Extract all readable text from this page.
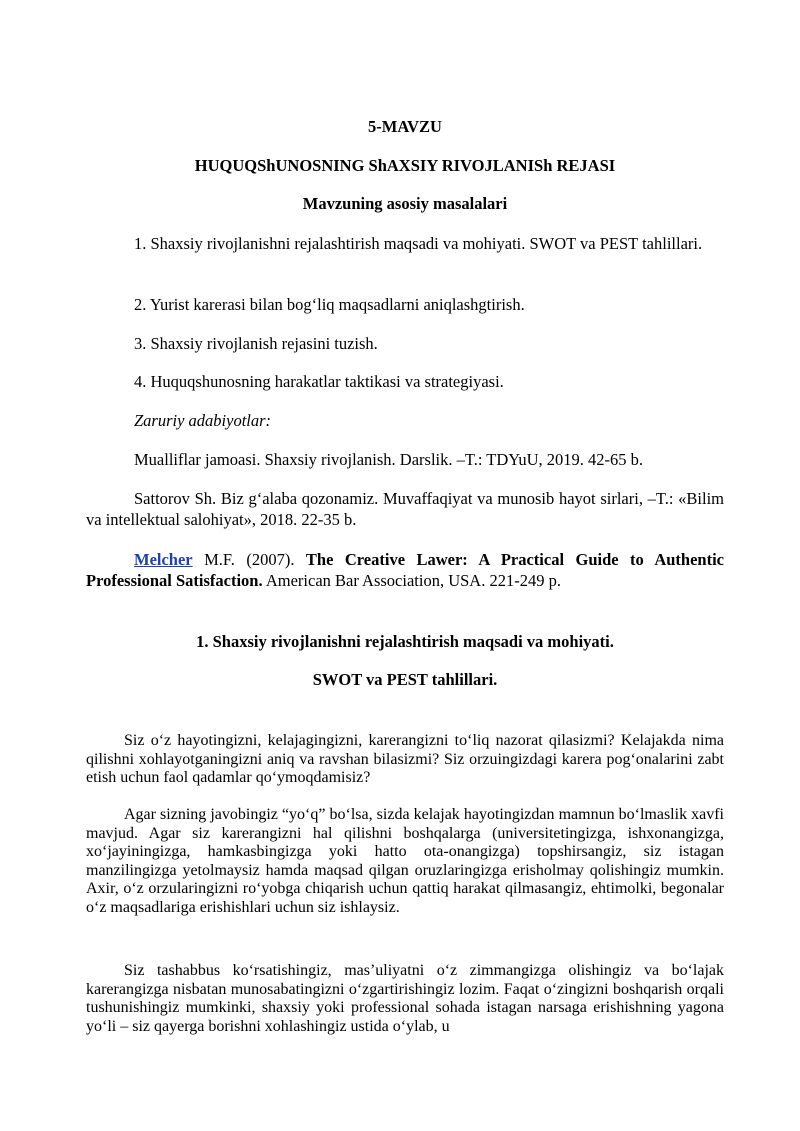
5-MAVZU

HUQUQShUNOSNING ShAXSIY RIVOJLANISh REJASI

Mavzuning asosiy masalalari

1. Shaxsiy rivojlanishni rejalashtirish maqsadi va mohiyati. SWOT va PEST tahlillari.

2. Yurist karerasi bilan bog‘liq maqsadlarni aniqlashgtirish.

3. Shaxsiy rivojlanish rejasini tuzish.

4. Huquqshunosning harakatlar taktikasi va strategiyasi.

Zaruriy adabiyotlar:

Mualliflar jamoasi. Shaxsiy rivojlanish. Darslik. –T.: TDYuU, 2019. 42-65 b.

Sattorov Sh. Biz g‘alaba qozonamiz. Muvaffaqiyat va munosib hayot sirlari, –T.: «Bilim va intellektual salohiyat», 2018. 22-35 b.

Melcher M.F. (2007). The Creative Lawer: A Practical Guide to Authentic Professional Satisfaction. American Bar Association, USA. 221-249 p.

1. Shaxsiy rivojlanishni rejalashtirish maqsadi va mohiyati.

SWOT va PEST tahlillari.

Siz o‘z hayotingizni, kelajagingizni, karerangizni to‘liq nazorat qilasizmi? Kelajakda nima qilishni xohlayotganingizni aniq va ravshan bilasizmi? Siz orzuingizdagi karera pog‘onalarini zabt etish uchun faol qadamlar qo‘ymoqdamisiz?

Agar sizning javobingiz “yo‘q” bo‘lsa, sizda kelajak hayotingizdan mamnun bo‘lmaslik xavfi mavjud. Agar siz karerangizni hal qilishni boshqalarga (universitetingizga, ishxonangizga, xo‘jayiningizga, hamkasbingizga yoki hatto ota-onangizga) topshirsangiz, siz istagan manzilingizga yetolmaysiz hamda maqsad qilgan oruzlaringizga erisholmay qolishingiz mumkin. Axir, o‘z orzularingizni ro‘yobga chiqarish uchun qattiq harakat qilmasangiz, ehtimolki, begonalar o‘z maqsadlariga erishishlari uchun siz ishlaysiz.

Siz tashabbus ko‘rsatishingiz, mas’uliyatni o‘z zimmangizga olishingiz va bo‘lajak karerangizga nisbatan munosabatingizni o‘zgartirishingiz lozim. Faqat o‘zingizni boshqarish orqali tushunishingiz mumkinki, shaxsiy yoki professional sohada istagan narsaga erishishning yagona yo‘li – siz qayerga borishni xohlashingiz ustida o‘ylab, u
